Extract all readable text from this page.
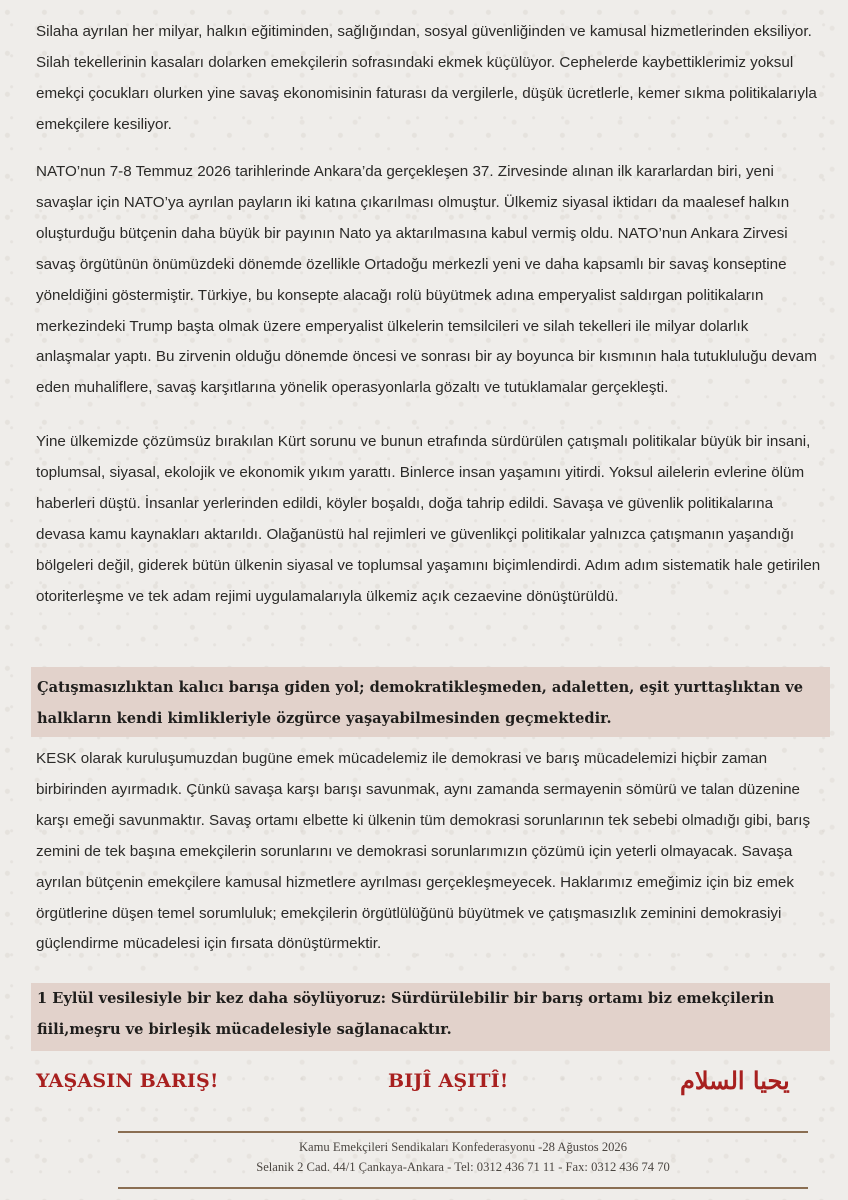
Silaha ayrılan her milyar, halkın eğitiminden, sağlığından, sosyal güvenliğinden ve kamusal hizmetlerinden eksiliyor. Silah tekellerinin kasaları dolarken emekçilerin sofrasındaki ekmek küçülüyor. Cephelerde kaybettiklerimiz yoksul emekçi çocukları olurken yine savaş ekonomisinin faturası da vergilerle, düşük ücretlerle, kemer sıkma politikalarıyla emekçilere kesiliyor.

NATO’nun 7-8 Temmuz 2026 tarihlerinde Ankara’da gerçekleşen 37. Zirvesinde alınan ilk kararlardan biri, yeni savaşlar için NATO’ya ayrılan payların iki katına çıkarılması olmuştur. Ülkemiz siyasal iktidarı da maalesef halkın oluşturduğu bütçenin daha büyük bir payının Nato ya aktarılmasına kabul vermiş oldu. NATO’nun Ankara Zirvesi savaş örgütünün önümüzdeki dönemde özellikle Ortadoğu merkezli yeni ve daha kapsamlı bir savaş konseptine yöneldiğini göstermiştir. Türkiye, bu konsepte alacağı rolü büyütmek adına emperyalist saldırgan politikaların merkezindeki Trump başta olmak üzere emperyalist ülkelerin temsilcileri ve silah tekelleri ile milyar dolarlık anlaşmalar yaptı. Bu zirvenin olduğu dönemde öncesi ve sonrası bir ay boyunca bir kısmının hala tutukluluğu devam eden muhaliflere, savaş karşıtlarına yönelik operasyonlarla gözaltı ve tutuklamalar gerçekleşti.

Yine ülkemizde çözümsüz bırakılan Kürt sorunu ve bunun etrafında sürdürülen çatışmalı politikalar büyük bir insani, toplumsal, siyasal, ekolojik ve ekonomik yıkım yarattı. Binlerce insan yaşamını yitirdi. Yoksul ailelerin evlerine ölüm haberleri düştü. İnsanlar yerlerinden edildi, köyler boşaldı, doğa tahrip edildi. Savaşa ve güvenlik politikalarına devasa kamu kaynakları aktarıldı. Olağanüstü hal rejimleri ve güvenlikçi politikalar yalnızca çatışmanın yaşandığı bölgeleri değil, giderek bütün ülkenin siyasal ve toplumsal yaşamını biçimlendirdi. Adım adım sistematik hale getirilen otoriterleşme ve tek adam rejimi uygulamalarıyla ülkemiz açık cezaevine dönüştürüldü.

Çatışmasızlıktan kalıcı barışa giden yol; demokratikleşmeden, adaletten, eşit yurttaşlıktan ve halkların kendi kimlikleriyle özgürce yaşayabilmesinden geçmektedir.

KESK olarak kuruluşumuzdan bugüne emek mücadelemiz ile demokrasi ve barış mücadelemizi hiçbir zaman birbirinden ayırmadık. Çünkü savaşa karşı barışı savunmak, aynı zamanda sermayenin sömürü ve talan düzenine karşı emeği savunmaktır. Savaş ortamı elbette ki ülkenin tüm demokrasi sorunlarının tek sebebi olmadığı gibi, barış zemini de tek başına emekçilerin sorunlarını ve demokrasi sorunlarımızın çözümü için yeterli olmayacak. Savaşa ayrılan bütçenin emekçilere kamusal hizmetlere ayrılması gerçekleşmeyecek. Haklarımız emeğimiz için biz emek örgütlerine düşen temel sorumluluk; emekçilerin örgütlülüğünü büyütmek ve çatışmasızlık zeminini demokrasiyi güçlendirme mücadelesi için fırsata dönüştürmektir.

1 Eylül vesilesiyle bir kez daha söylüyoruz: Sürdürülebilir bir barış ortamı biz emekçilerin fiili,meşru ve birleşik mücadelesiyle sağlanacaktır.

YAŞASIN BARIŞ!	BIJÎ AŞITÎ!	يحيا السلام
Kamu Emekçileri Sendikaları Konfederasyonu -28 Ağustos 2026
Selanik 2 Cad. 44/1 Çankaya-Ankara - Tel: 0312 436 71 11 - Fax: 0312 436 74 70
